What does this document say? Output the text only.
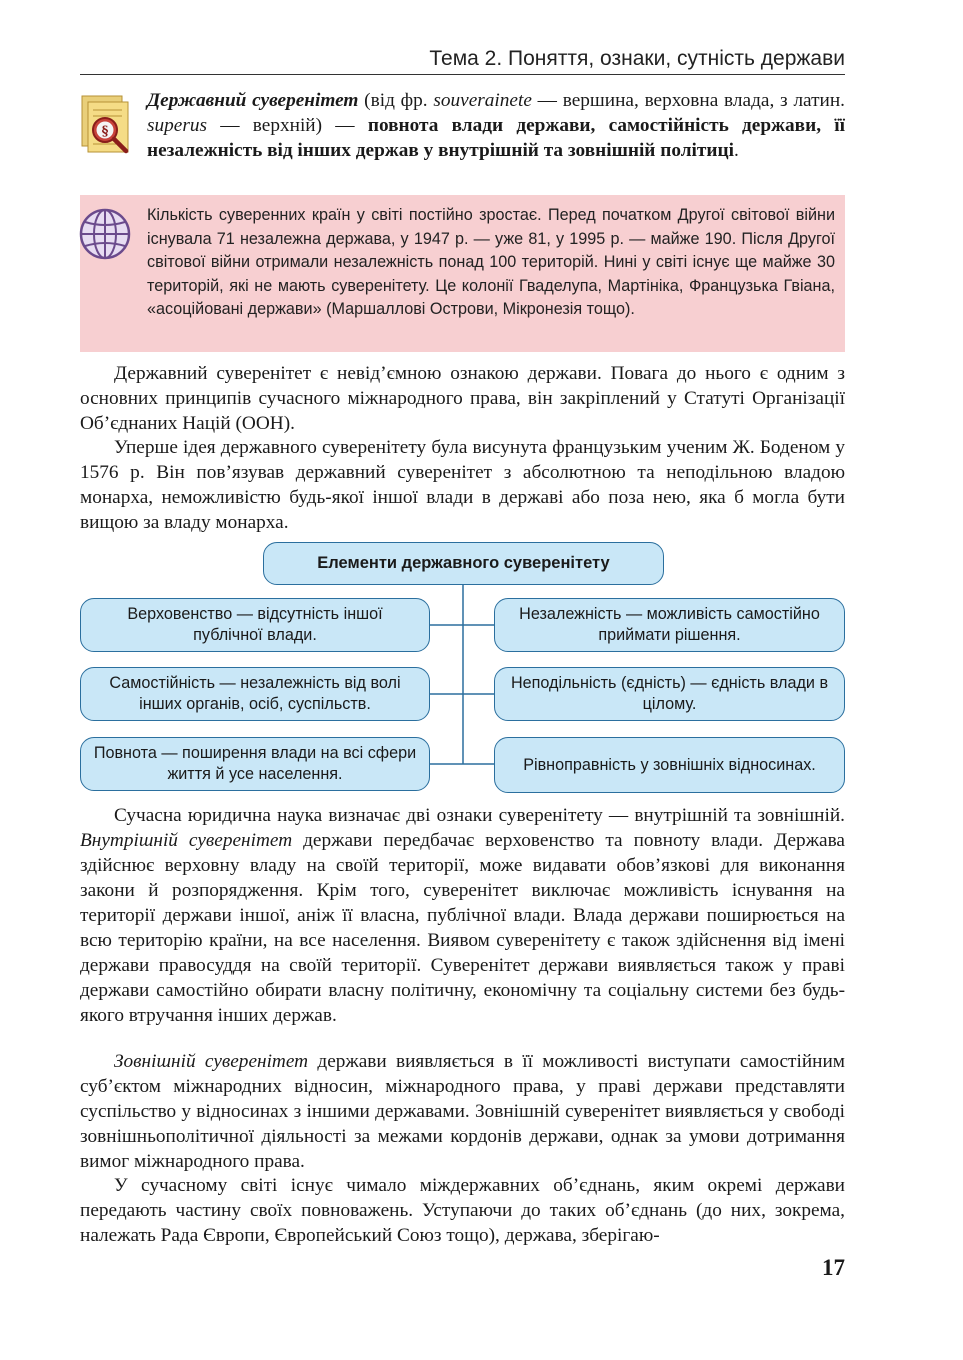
Тема 2. Поняття, ознаки, сутність держави
§
Державний суверенітет (від фр. souverainete — вершина, верховна влада, з латин. superus — верхній) — повнота влади держави, самостійність держави, її незалежність від інших держав у внутрішній та зовнішній політиці.
Кількість суверенних країн у світі постійно зростає. Перед початком Другої світової війни існувала 71 незалежна держава, у 1947 р. — уже 81, у 1995 р. — майже 190. Після Другої світової війни отримали незалежність понад 100 територій. Нині у світі існує ще майже 30 територій, які не мають суверенітету. Це колонії Гваделупа, Мартініка, Французька Гвіана, «асоційовані держави» (Маршаллові Острови, Мікронезія тощо).

Державний суверенітет є невід’ємною ознакою держави. Повага до нього є одним з основних принципів сучасного міжнародного права, він закріплений у Статуті Організації Об’єднаних Націй (ООН).

Уперше ідея державного суверенітету була висунута французьким ученим Ж. Боденом у 1576 р. Він пов’язував державний суверенітет з абсолютною та неподільною владою монарха, неможливістю будь-якої іншої влади в державі або поза нею, яка б могла бути вищою за владу монарха.

Елементи державного суверенітету
Верховенство — відсутність іншої публічної влади.
Самостійність — незалежність від волі інших органів, осіб, суспільств.
Повнота — поширення влади на всі сфери життя й усе населення.
Незалежність — можливість самостійно приймати рішення.
Неподільність (єдність) — єдність влади в цілому.
Рівноправність у зовнішніх відносинах.

Сучасна юридична наука визначає дві ознаки суверенітету — внутрішній та зовнішній. Внутрішній суверенітет держави передбачає верховенство та повноту влади. Держава здійснює верховну владу на своїй території, може видавати обов’язкові для виконання закони й розпорядження. Крім того, суверенітет виключає можливість існування на території держави іншої, аніж її власна, публічної влади. Влада держави поширюється на всю територію країни, на все населення. Виявом суверенітету є також здійснення від імені держави правосуддя на своїй території. Суверенітет держави виявляється також у праві держави самостійно обирати власну політичну, економічну та соціальну системи без будь-якого втручання інших держав.

Зовнішній суверенітет держави виявляється в її можливості виступати самостійним суб’єктом міжнародних відносин, міжнародного права, у праві держави представляти суспільство у відносинах з іншими державами. Зовнішній суверенітет виявляється у свободі зовнішньополітичної діяльності за межами кордонів держави, однак за умови дотримання вимог міжнародного права.

У сучасному світі існує чимало міждержавних об’єднань, яким окремі держави передають частину своїх повноважень. Уступаючи до таких об’єднань (до них, зокрема, належать Рада Європи, Європейський Союз тощо), держава, зберігаю-

17
